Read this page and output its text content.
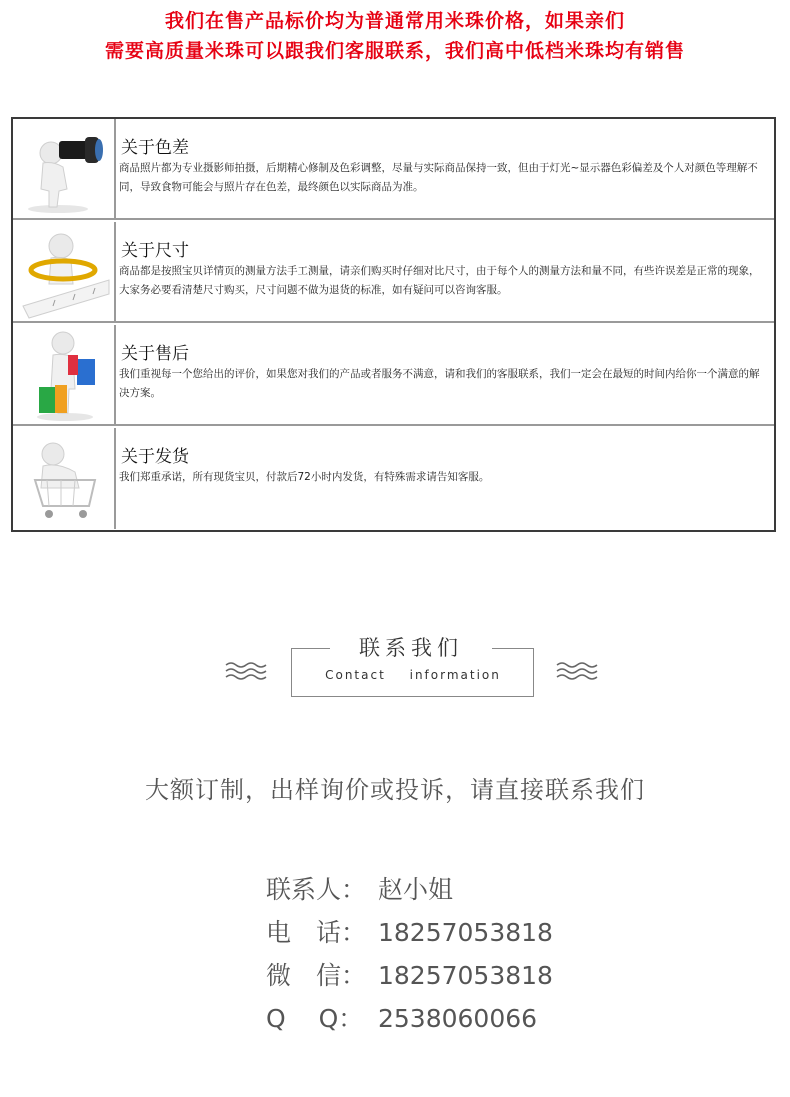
我们在售产品标价均为普通常用米珠价格，如果亲们
需要高质量米珠可以跟我们客服联系，我们高中低档米珠均有销售
关于色差
商品照片都为专业摄影师拍摄，后期精心修制及色彩调整，尽量与实际商品保持一致，但由于灯光~显示器色彩偏差及个人对颜色等理解不同，导致食物可能会与照片存在色差，最终颜色以实际商品为准。
关于尺寸
商品都是按照宝贝详情页的测量方法手工测量，请亲们购买时仔细对比尺寸，由于每个人的测量方法和量不同，有些许误差是正常的现象，大家务必要看清楚尺寸购买，尺寸问题不做为退货的标准，如有疑问可以咨询客服。
关于售后
我们重视每一个您给出的评价，如果您对我们的产品或者服务不满意，请和我们的客服联系，我们一定会在最短的时间内给你一个满意的解决方案。
关于发货
我们郑重承诺，所有现货宝贝，付款后72小时内发货，有特殊需求请告知客服。
联系我们
Contact information
大额订制，出样询价或投诉，请直接联系我们
联系人： 赵小姐
电　话： 18257053818
微　信： 18257053818
Q　 Q： 2538060066
